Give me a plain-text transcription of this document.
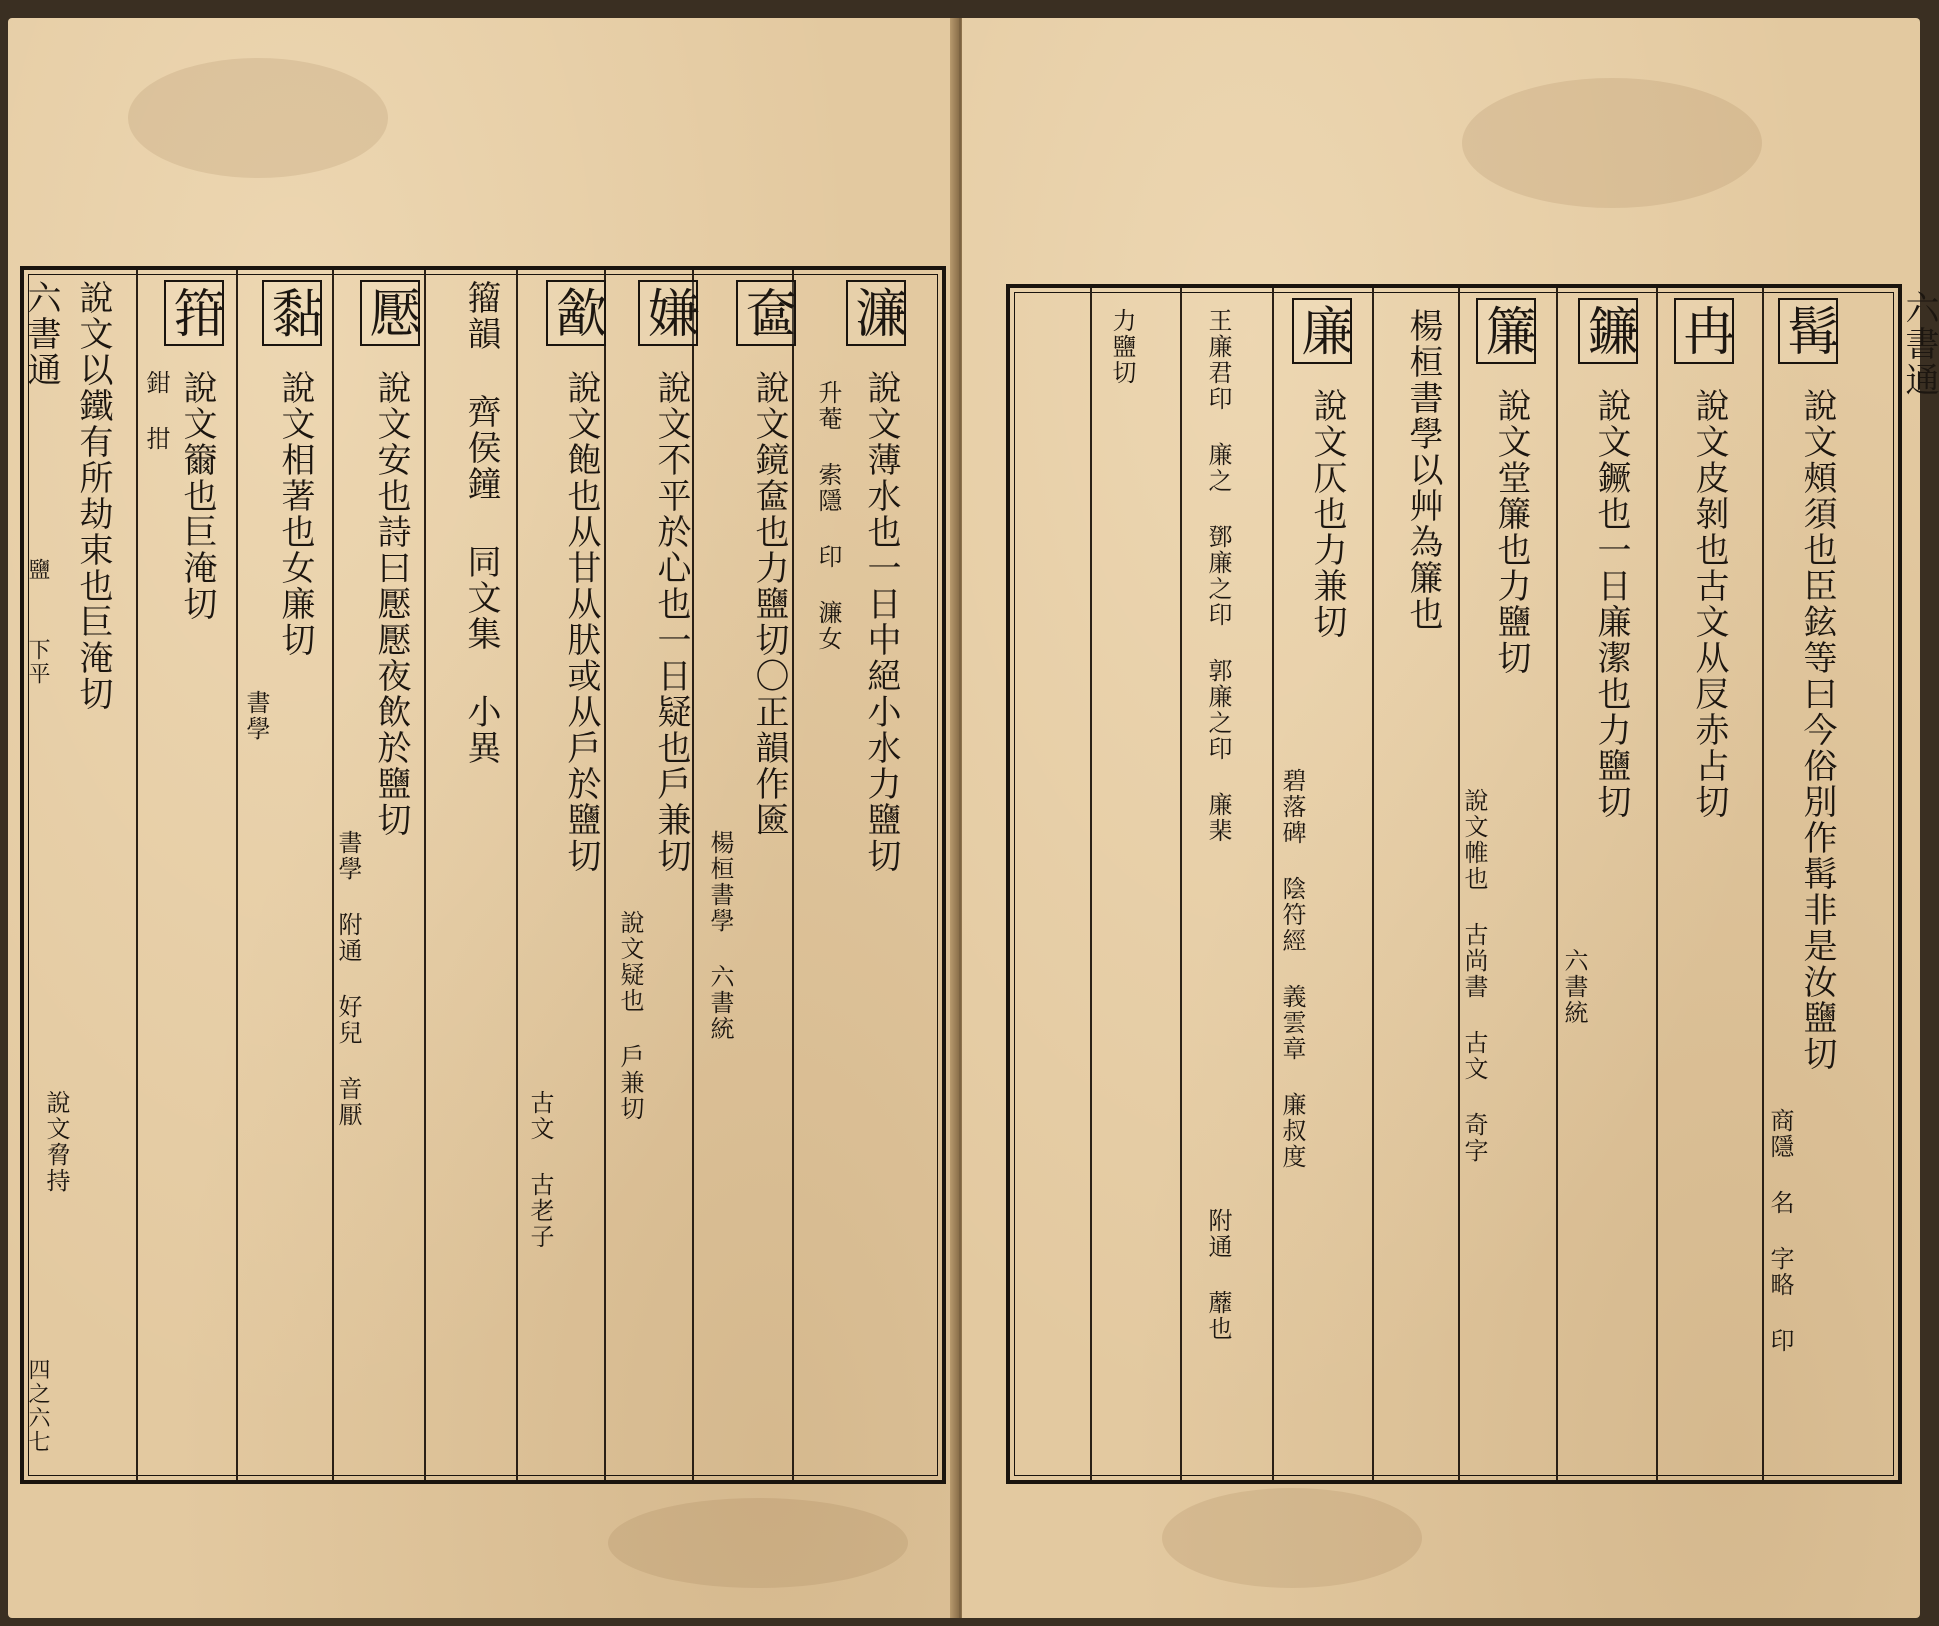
濂
說文薄水也一日中絕小水力鹽切
升菴 索隱 印 濂女
奩
說文鏡奩也力鹽切〇正韻作匳
楊桓書學 六書統
嫌
說文不平於心也一日疑也戶兼切
說文疑也 戶兼切
㱃
說文飽也从甘从肰或从戶於鹽切
古文 古老子
籀韻 齊侯鐘 同文集 小異
懕
說文安也詩曰懕懕夜飲於鹽切
書學 附通 好兒 音厭
黏
說文相著也女廉切
書學
箝
說文籋也巨淹切
鉗 拑
說文以鐵有所劫束也巨淹切
說文脅持
六書通
鹽
下平
四之六七
髯
說文頰須也臣鉉等曰今俗別作髯非是汝鹽切
商隱 名 字略 印
冉
說文皮剝也古文从㞋赤占切
鐮
說文鐝也一日廉潔也力鹽切
六書統
簾
說文堂簾也力鹽切
說文帷也 古尚書 古文 奇字
楊桓書學以艸為簾也
廉
說文仄也力兼切
碧落碑 陰符經 義雲章 廉叔度
王廉君印 廉之 鄧廉之印 郭廉之印 廉棐
附通 蘼也
力鹽切	六書通
